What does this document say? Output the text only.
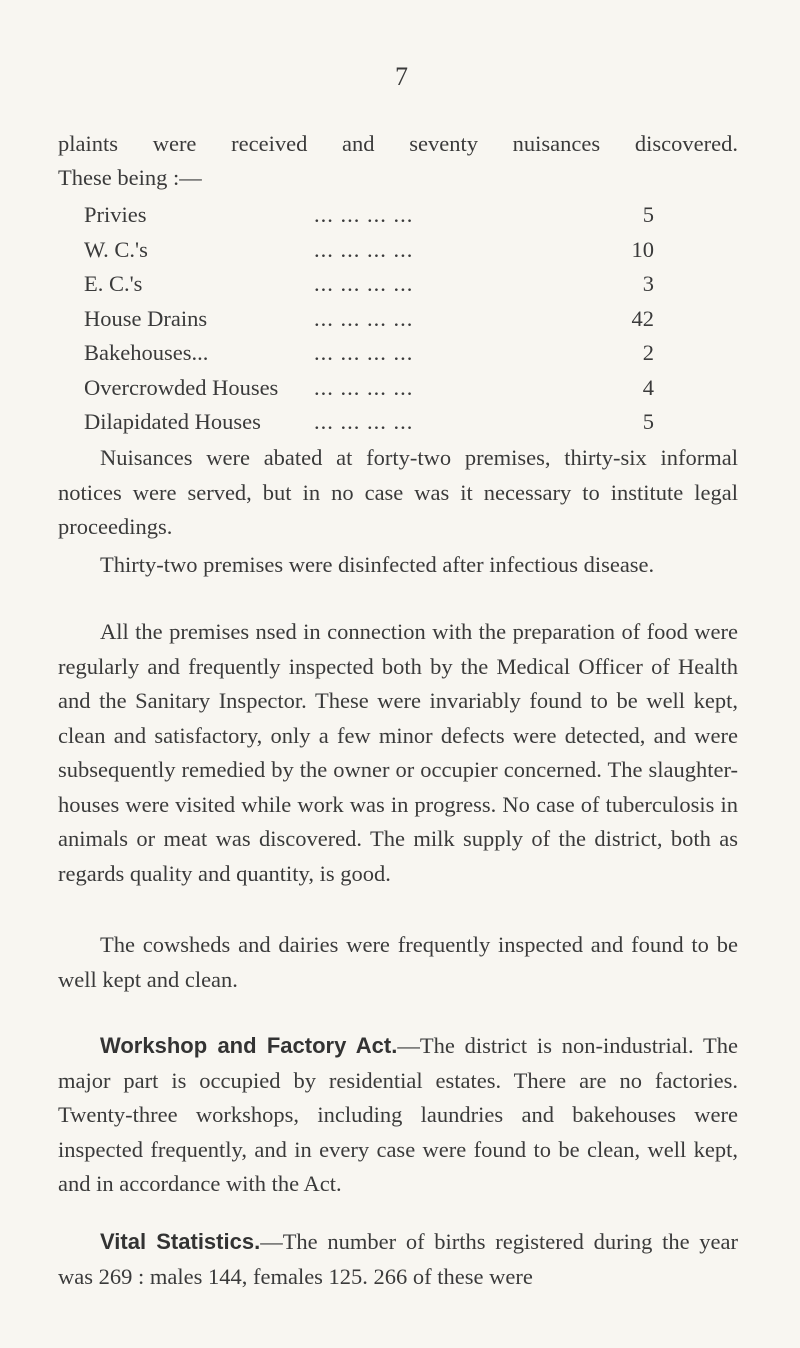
7
plaints were received and seventy nuisances discovered.
These being :—
Privies	... ... ... ...	5
W. C.'s	... ... ... ...	10
E. C.'s	... ... ... ...	3
House Drains	... ... ... ...	42
Bakehouses...	... ... ... ...	2
Overcrowded Houses ... ... ... ...	4
Dilapidated Houses ... ... ... ...	5
Nuisances were abated at forty-two premises, thirty-six informal notices were served, but in no case was it necessary to institute legal proceedings.
Thirty-two premises were disinfected after infectious disease.
All the premises nsed in connection with the preparation of food were regularly and frequently inspected both by the Medical Officer of Health and the Sanitary Inspector. These were invariably found to be well kept, clean and satisfactory, only a few minor defects were detected, and were subsequently remedied by the owner or occupier concerned. The slaughter-houses were visited while work was in progress. No case of tuberculosis in animals or meat was discovered. The milk supply of the district, both as regards quality and quantity, is good.
The cowsheds and dairies were frequently inspected and found to be well kept and clean.
Workshop and Factory Act.—The district is non-industrial. The major part is occupied by residential estates. There are no factories. Twenty-three workshops, including laundries and bakehouses were inspected frequently, and in every case were found to be clean, well kept, and in accordance with the Act.
Vital Statistics.—The number of births registered during the year was 269 : males 144, females 125. 266 of these were
